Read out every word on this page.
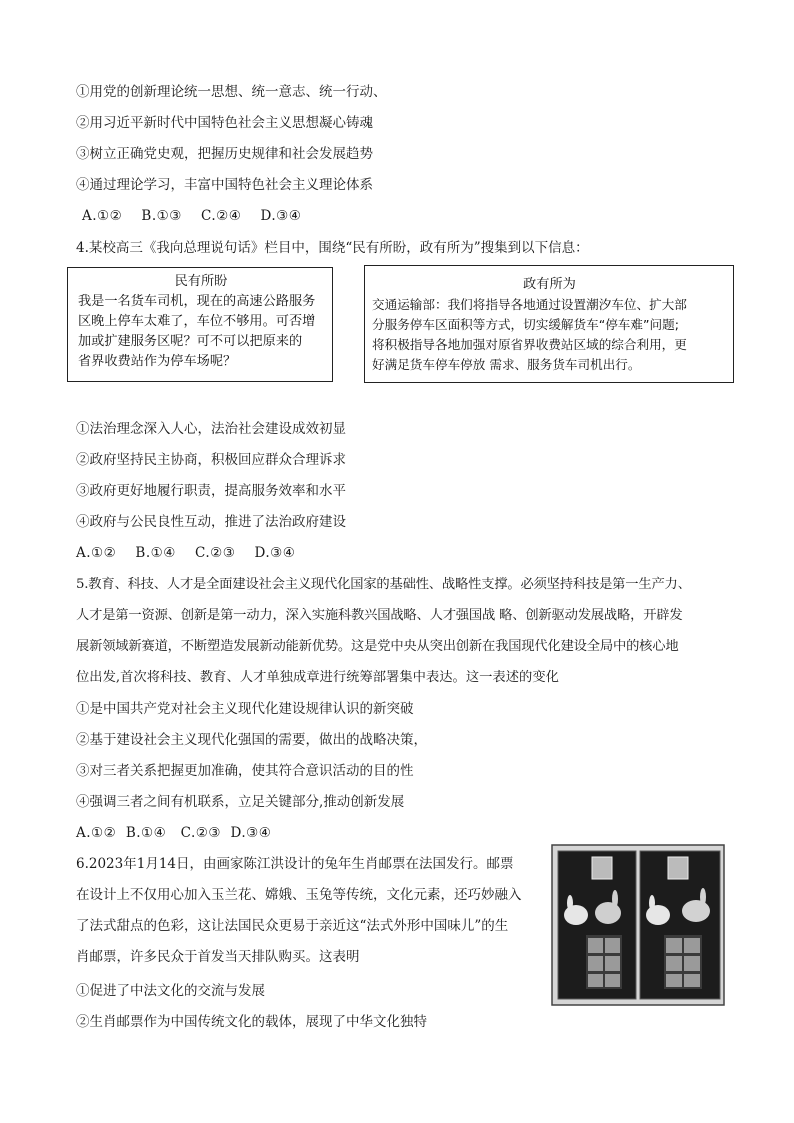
①用党的创新理论统一思想、统一意志、统一行动、
②用习近平新时代中国特色社会主义思想凝心铸魂
③树立正确党史观，把握历史规律和社会发展趋势
④通过理论学习，丰富中国特色社会主义理论体系
A.①②    B.①③    C.②④    D.③④
4.某校高三《我向总理说句话》栏目中，围绕“民有所盼，政有所为”搜集到以下信息：
民有所盼
我是一名货车司机，现在的高速公路服务
区晚上停车太难了，车位不够用。可否增
加或扩建服务区呢？可不可以把原来的
省界收费站作为停车场呢？
政有所为
交通运输部：我们将指导各地通过设置潮汐车位、扩大部
分服务停车区面积等方式，切实缓解货车“停车难”问题;
将积极指导各地加强对原省界收费站区域的综合利用，更
好满足货车停车停放 需求、服务货车司机出行。
①法治理念深入人心，法治社会建设成效初显
②政府坚持民主协商，积极回应群众合理诉求
③政府更好地履行职责，提高服务效率和水平
④政府与公民良性互动，推进了法治政府建设
A.①②    B.①④    C.②③    D.③④
5.教育、科技、人才是全面建设社会主义现代化国家的基础性、战略性支撑。必须坚持科技是第一生产力、
人才是第一资源、创新是第一动力，深入实施科教兴国战略、人才强国战 略、创新驱动发展战略，开辟发
展新领域新赛道，不断塑造发展新动能新优势。这是党中央从突出创新在我国现代化建设全局中的核心地
位出发,首次将科技、教育、人才单独成章进行统筹部署集中表达。这一表述的变化
①是中国共产党对社会主义现代化建设规律认识的新突破
②基于建设社会主义现代化强国的需要，做出的战略决策，
③对三者关系把握更加准确，使其符合意识活动的目的性
④强调三者之间有机联系，立足关键部分,推动创新发展
A.①②  B.①④   C.②③  D.③④
6.2023年1月14日，由画家陈江洪设计的兔年生肖邮票在法国发行。邮票
在设计上不仅用心加入玉兰花、嫦娥、玉兔等传统，文化元素，还巧妙融入
了法式甜点的色彩，这让法国民众更易于亲近这“法式外形中国味儿”的生
肖邮票，许多民众于首发当天排队购买。这表明
①促进了中法文化的交流与发展
②生肖邮票作为中国传统文化的载体，展现了中华文化独特
